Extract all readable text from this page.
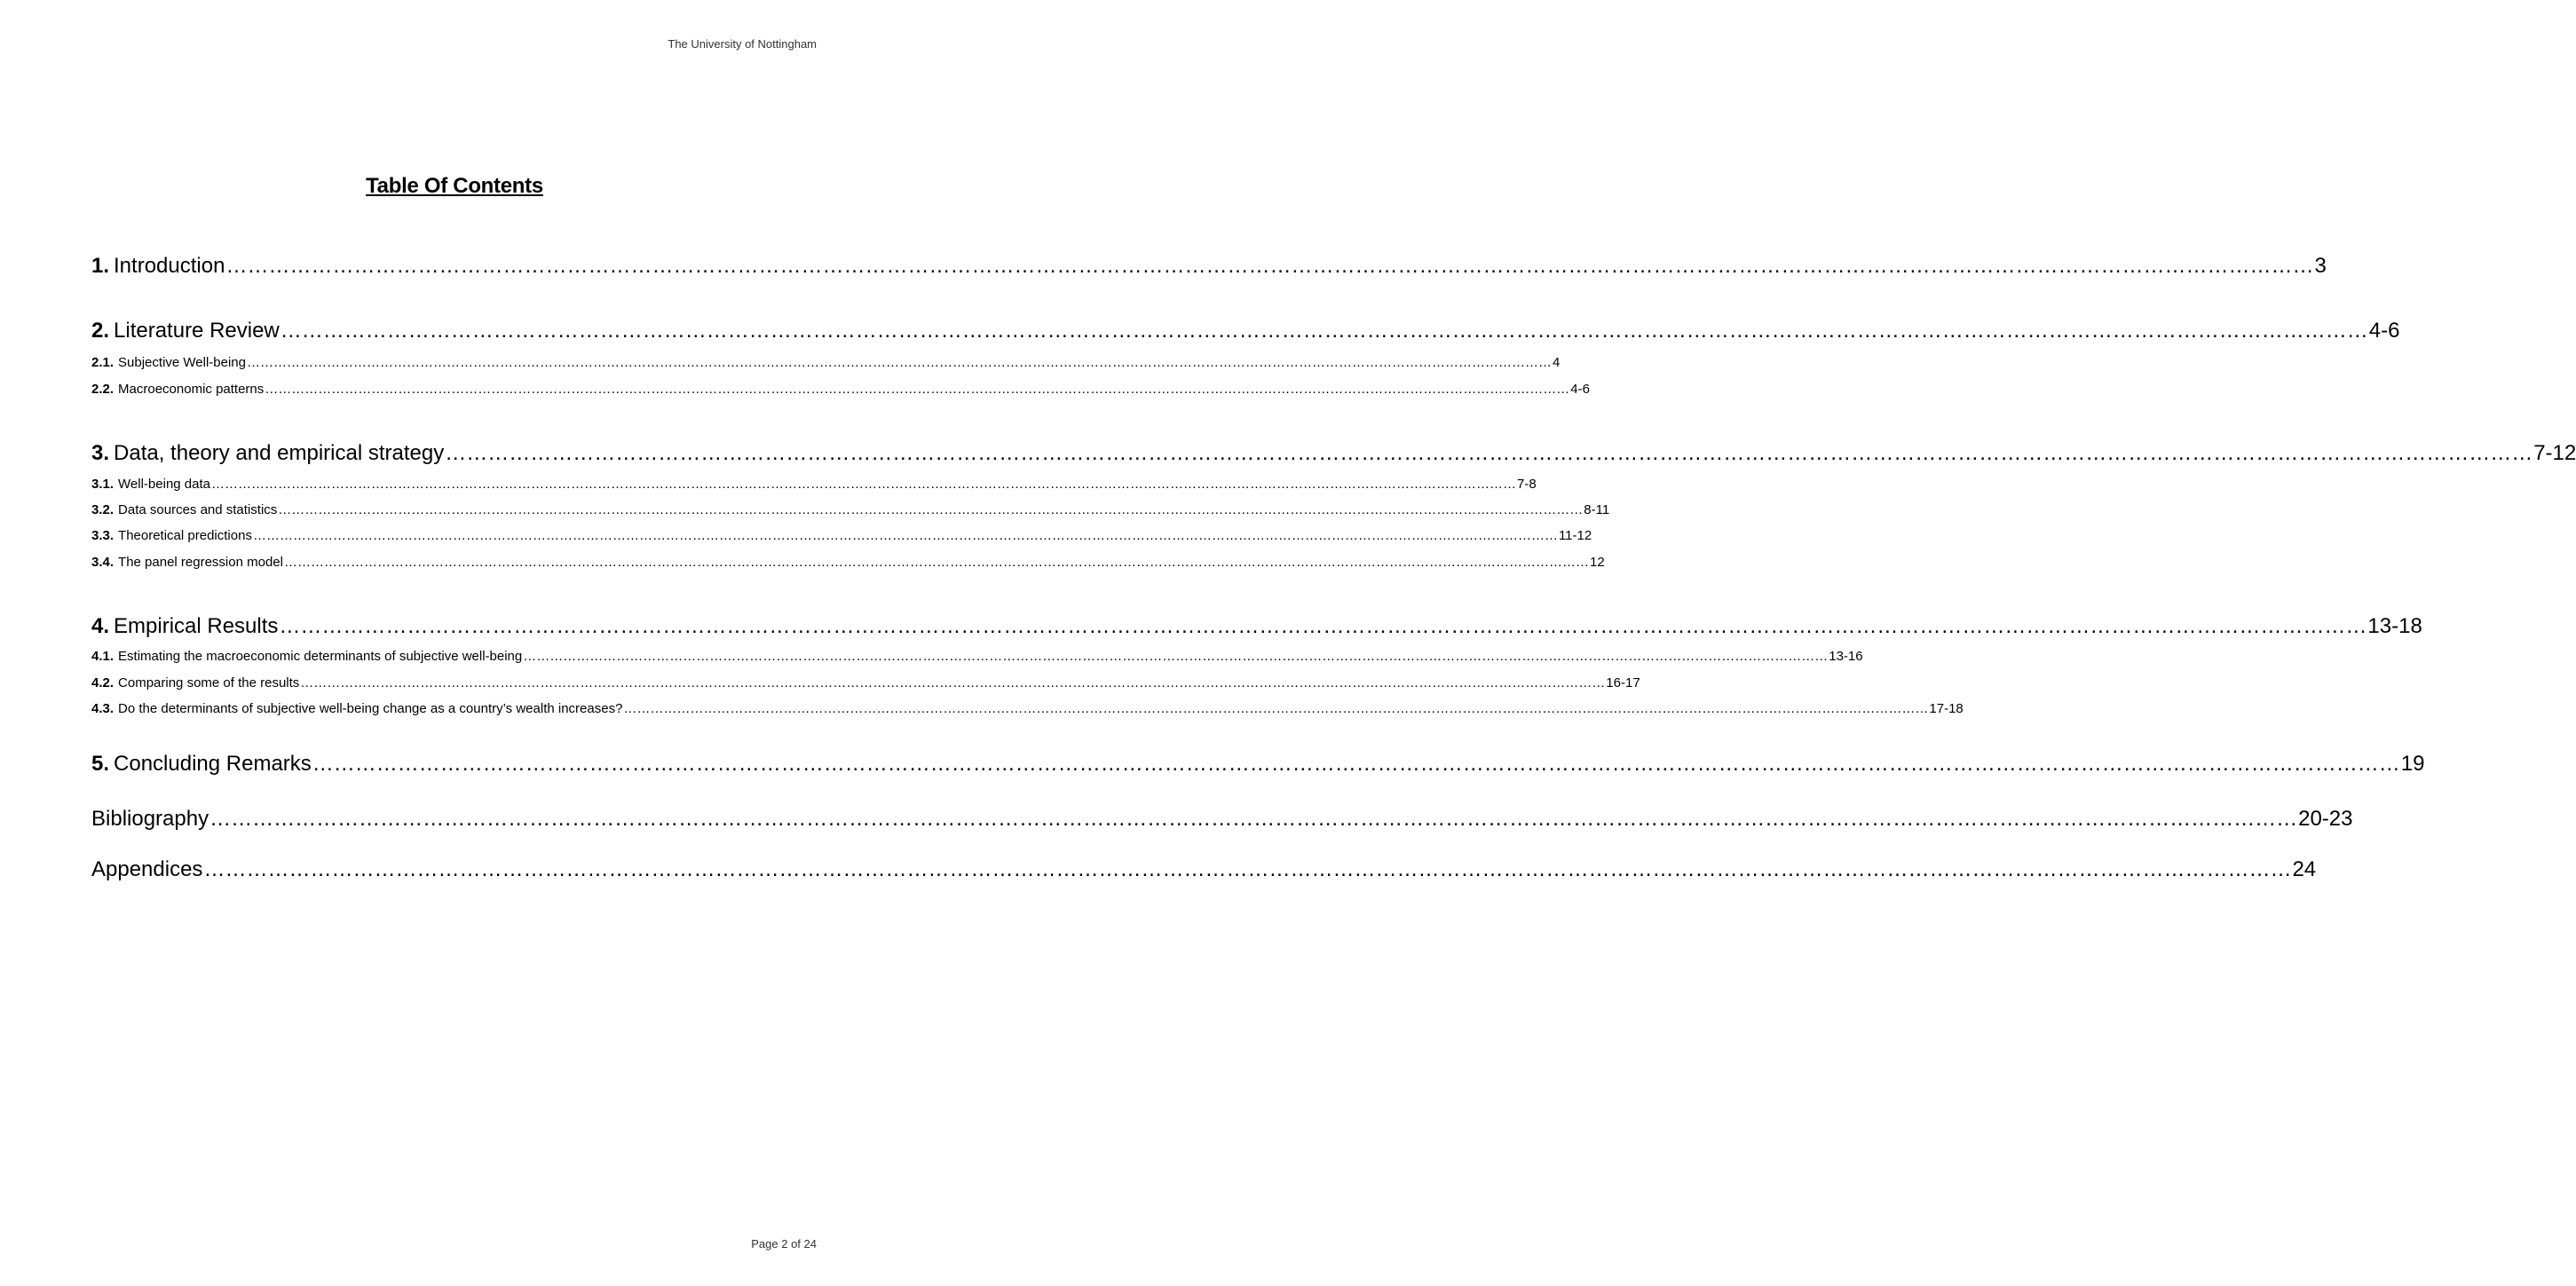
The University of Nottingham
Table Of Contents
1. Introduction …………………………………………………………………………………………………………………………………………………………………………………………………………………………………………………………………… 3
2. Literature Review …………………………………………………………………………………………………………………………………………………………………………………………………………………………………………………………………… 4-6
2.1. Subjective Well-being …………………………………………………………………………………………………………………………………………………………………………………………………………………………………………………………………… 4
2.2. Macroeconomic patterns …………………………………………………………………………………………………………………………………………………………………………………………………………………………………………………………………… 4-6
3. Data, theory and empirical strategy …………………………………………………………………………………………………………………………………………………………………………………………………………………………………………………………………… 7-12
3.1. Well-being data …………………………………………………………………………………………………………………………………………………………………………………………………………………………………………………………………… 7-8
3.2. Data sources and statistics …………………………………………………………………………………………………………………………………………………………………………………………………………………………………………………………………… 8-11
3.3. Theoretical predictions …………………………………………………………………………………………………………………………………………………………………………………………………………………………………………………………………… 11-12
3.4. The panel regression model …………………………………………………………………………………………………………………………………………………………………………………………………………………………………………………………………… 12
4. Empirical Results …………………………………………………………………………………………………………………………………………………………………………………………………………………………………………………………………… 13-18
4.1. Estimating the macroeconomic determinants of subjective well-being …………………………………………………………………………………………………………………………………………………………………………………………………………………………………………………………………… 13-16
4.2. Comparing some of the results …………………………………………………………………………………………………………………………………………………………………………………………………………………………………………………………………… 16-17
4.3. Do the determinants of subjective well-being change as a country’s wealth increases? …………………………………………………………………………………………………………………………………………………………………………………………………………………………………………………………………… 17-18
5. Concluding Remarks …………………………………………………………………………………………………………………………………………………………………………………………………………………………………………………………………… 19
Bibliography …………………………………………………………………………………………………………………………………………………………………………………………………………………………………………………………………… 20-23
Appendices …………………………………………………………………………………………………………………………………………………………………………………………………………………………………………………………………… 24
Page 2 of 24
